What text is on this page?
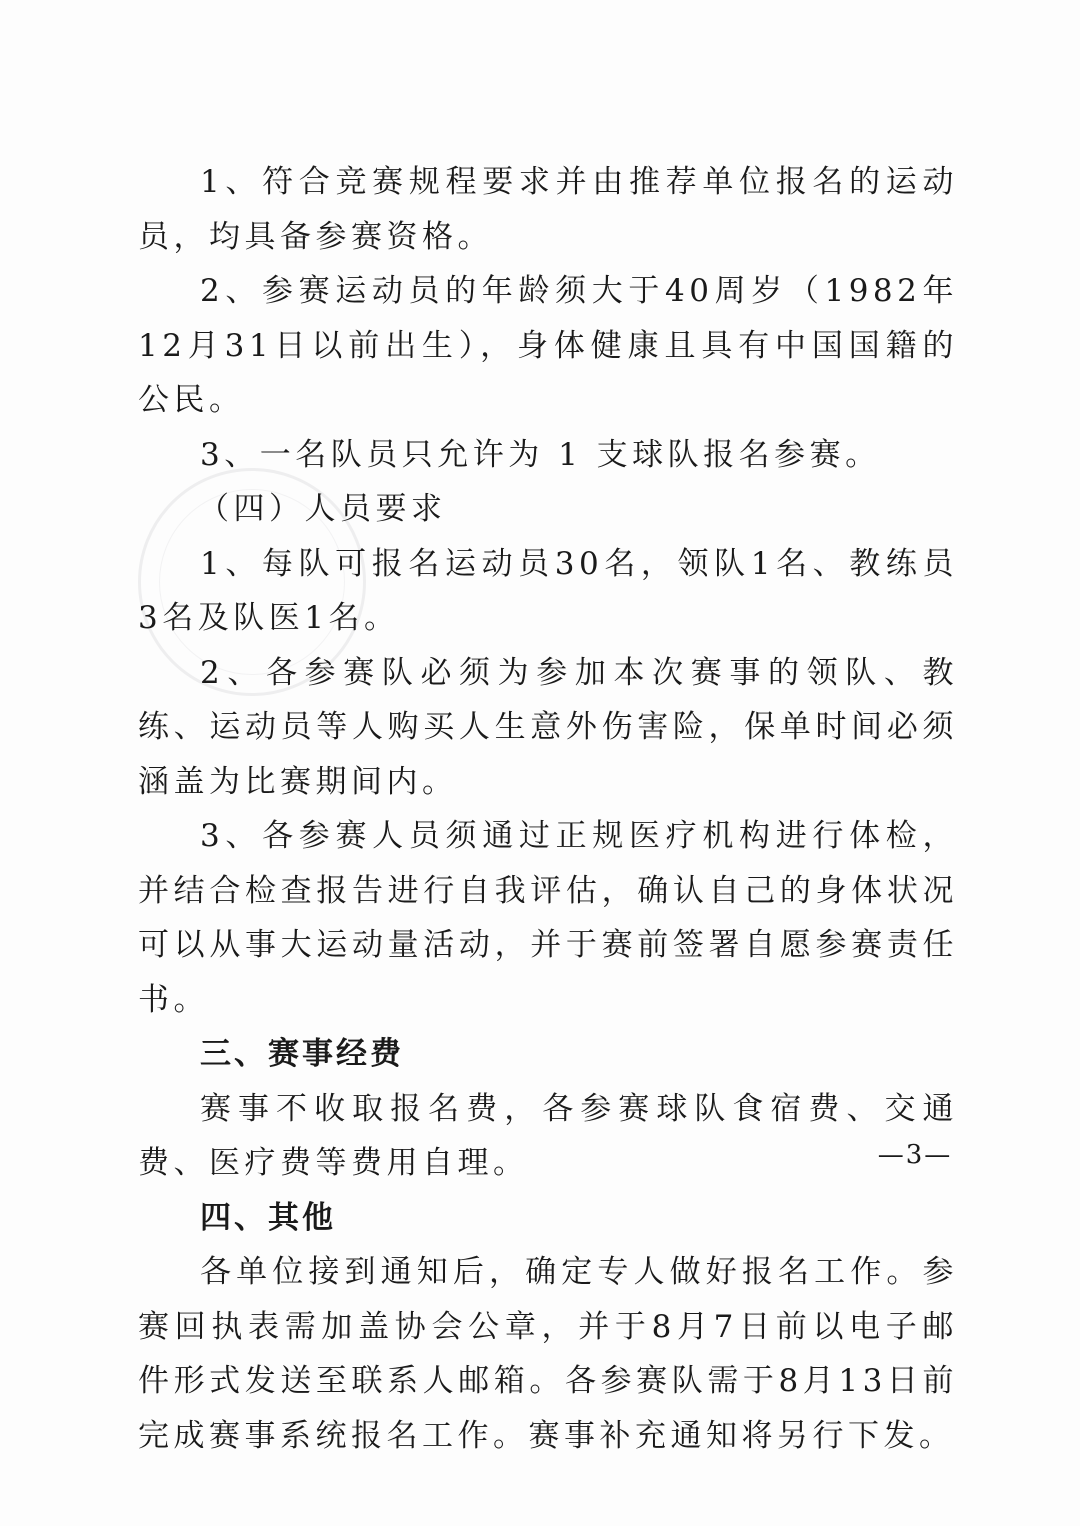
1、符合竞赛规程要求并由推荐单位报名的运动员，均具备参赛资格。

2、参赛运动员的年龄须大于40周岁（1982年12月31日以前出生），身体健康且具有中国国籍的公民。

3、一名队员只允许为 1 支球队报名参赛。

（四）人员要求

1、每队可报名运动员30名，领队1名、教练员3名及队医1名。

2、各参赛队必须为参加本次赛事的领队、教练、运动员等人购买人生意外伤害险，保单时间必须涵盖为比赛期间内。

3、各参赛人员须通过正规医疗机构进行体检，并结合检查报告进行自我评估，确认自己的身体状况可以从事大运动量活动，并于赛前签署自愿参赛责任书。

三、赛事经费

赛事不收取报名费，各参赛球队食宿费、交通费、医疗费等费用自理。

四、其他

各单位接到通知后，确定专人做好报名工作。参赛回执表需加盖协会公章，并于8月7日前以电子邮件形式发送至联系人邮箱。各参赛队需于8月13日前完成赛事系统报名工作。赛事补充通知将另行下发。

—3—
